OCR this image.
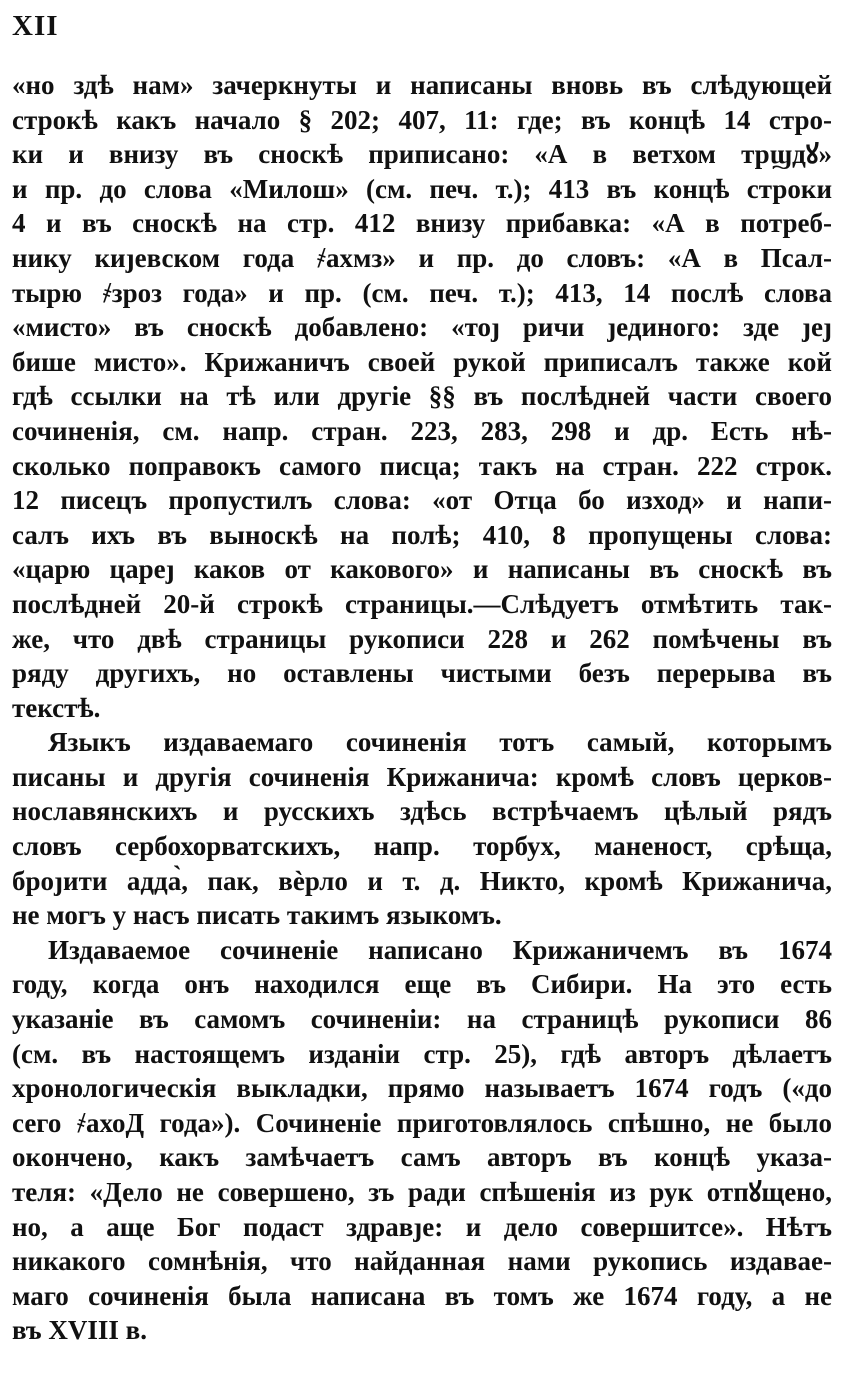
XII
«но здѣ нам» зачеркнуты и написаны вновь въ слѣдующей
строкѣ какъ начало § 202; 407, 11: где; въ концѣ 14 стро-
ки и внизу въ сноскѣ приписано: «А в ветхом трϣдꙋ»
и пр. до слова «Милош» (см. печ. т.); 413 въ концѣ строки
4 и въ сноскѣ на стр. 412 внизу прибавка: «А в потреб-
нику киȷевском года ҂ахмз» и пр. до словъ: «А в Псал-
тырю ҂зроз года» и пр. (см. печ. т.); 413, 14 послѣ слова
«мисто» въ сноскѣ добавлено: «тоȷ ричи ȷединого: зде ȷеȷ
бише мисто». Крижаничъ своей рукой приписалъ также кой
гдѣ ссылки на тѣ или другіе §§ въ послѣдней части своего
сочиненія, см. напр. стран. 223, 283, 298 и др. Есть нѣ-
сколько поправокъ самого писца; такъ на стран. 222 строк.
12 писецъ пропустилъ слова: «от Отца бо изход» и напи-
салъ ихъ въ выноскѣ на полѣ; 410, 8 пропущены слова:
«царю цареȷ каков от каковoго» и написаны въ сноскѣ въ
послѣдней 20-й строкѣ страницы.—Слѣдуетъ отмѣтить так-
же, что двѣ страницы рукописи 228 и 262 помѣчены въ
ряду другихъ, но оставлены чистыми безъ перерыва въ
текстѣ.
Языкъ издаваемаго сочиненія тотъ самый, которымъ
писаны и другія сочиненія Крижанича: кромѣ словъ церков-
нославянскихъ и русскихъ здѣсь встрѣчаемъ цѣлый рядъ
словъ сербохорватскихъ, напр. торбух, маненост, срѣща,
броȷити адда̀, пак, вѐрло и т. д. Никто, кромѣ Крижанича,
не могъ у насъ писать такимъ языкомъ.
Издаваемое сочиненіе написано Крижаничемъ въ 1674
году, когда онъ находился еще въ Сибири. На это есть
указаніе въ самомъ сочиненіи: на страницѣ рукописи 86
(см. въ настоящемъ изданіи стр. 25), гдѣ авторъ дѣлаетъ
хронологическія выкладки, прямо называетъ 1674 годъ («до
сего ҂ахоД года»). Сочиненіе приготовлялось спѣшно, не было
окончено, какъ замѣчаетъ самъ авторъ въ концѣ указа-
теля: «Дело не совершено, зъ ради спѣшенія из рук отпꙋщено,
но, а аще Бог подаст здравȷе: и дело совершитсе». Нѣтъ
никакого сомнѣнія, что найданная нами рукопись издавае-
маго сочиненія была написана въ томъ же 1674 году, а не
въ XVIII в.
